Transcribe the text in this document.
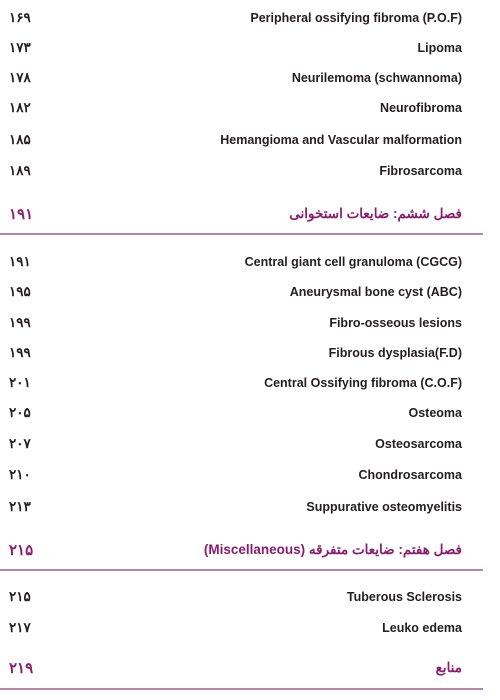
۱۶۹	Peripheral ossifying fibroma (P.O.F)
۱۷۳	Lipoma
۱۷۸	Neurilemoma (schwannoma)
۱۸۲	Neurofibroma
۱۸۵	Hemangioma and Vascular malformation
۱۸۹	Fibrosarcoma
۱۹۱	فصل ششم: ضایعات استخوانی
۱۹۱	Central giant cell granuloma (CGCG)
۱۹۵	Aneurysmal bone cyst (ABC)
۱۹۹	Fibro-osseous lesions
۱۹۹	Fibrous dysplasia(F.D)
۲۰۱	Central Ossifying fibroma (C.O.F)
۲۰۵	Osteoma
۲۰۷	Osteosarcoma
۲۱۰	Chondrosarcoma
۲۱۳	Suppurative osteomyelitis
۲۱۵	فصل هفتم: ضایعات متفرقه (Miscellaneous)
۲۱۵	Tuberous Sclerosis
۲۱۷	Leuko edema
۲۱۹	منابع
